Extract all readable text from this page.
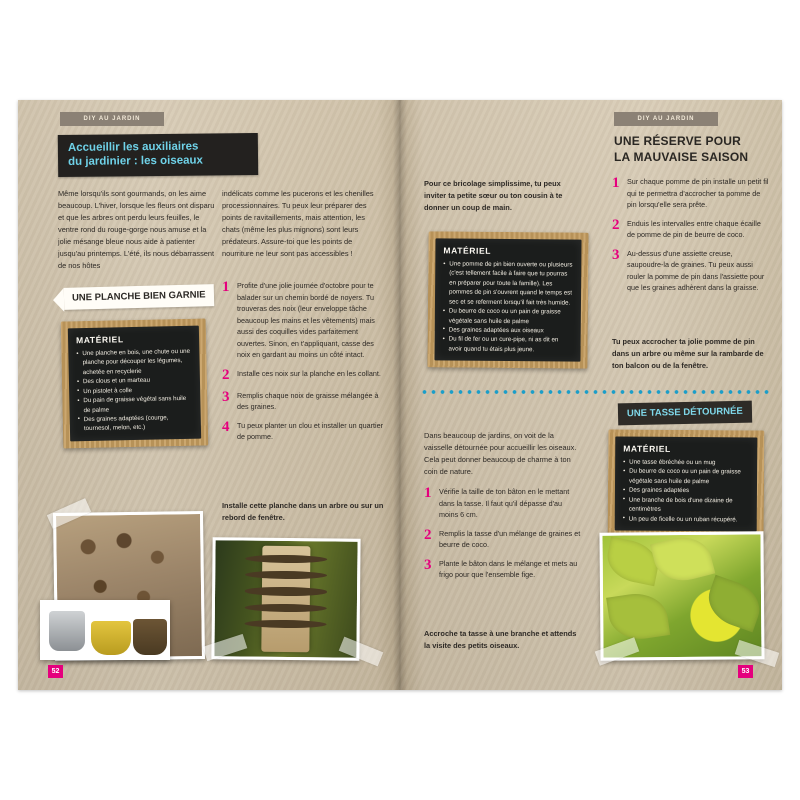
DIY AU JARDIN
Accueillir les auxiliaires
du jardinier : les oiseaux
Même lorsqu'ils sont gourmands, on les aime beaucoup. L'hiver, lorsque les fleurs ont disparu et que les arbres ont perdu leurs feuilles, le ventre rond du rouge-gorge nous amuse et la jolie mésange bleue nous aide à patienter jusqu'au printemps. L'été, ils nous débarrassent de nos hôtes
indélicats comme les pucerons et les chenilles processionnaires. Tu peux leur préparer des points de ravitaillements, mais attention, les chats (même les plus mignons) sont leurs prédateurs. Assure-toi que les points de nourriture ne leur sont pas accessibles !
UNE PLANCHE BIEN GARNIE
MATÉRIEL
• Une planche en bois, une chute ou une planche pour découper les légumes, achetée en recyclerie
• Des clous et un marteau
• Un pistolet à colle
• Du pain de graisse végétal sans huile de palme
• Des graines adaptées (courge, tournesol, melon, etc.)
1	Profite d'une jolie journée d'octobre pour te balader sur un chemin bordé de noyers. Tu trouveras des noix (leur enveloppe tâche beaucoup les mains et les vêtements) mais aussi des coquilles vides parfaitement ouvertes. Sinon, en t'appliquant, casse des noix en gardant au moins un côté intact.
2	Installe ces noix sur la planche en les collant.
3	Remplis chaque noix de graisse mélangée à des graines.
4	Tu peux planter un clou et installer un quartier de pomme.
Installe cette planche dans un arbre ou sur un rebord de fenêtre.
52
DIY AU JARDIN
Pour ce bricolage simplissime, tu peux inviter ta petite sœur ou ton cousin à te donner un coup de main.
MATÉRIEL
• Une pomme de pin bien ouverte ou plusieurs (c'est tellement facile à faire que tu pourras en préparer pour toute la famille). Les pommes de pin s'ouvrent quand le temps est sec et se referment lorsqu'il fait très humide.
• Du beurre de coco ou un pain de graisse végétale sans huile de palme
• Des graines adaptées aux oiseaux
• Du fil de fer ou un cure-pipe, ni as dit en avoir quand tu étais plus jeune.
UNE RÉSERVE POUR
LA MAUVAISE SAISON
1	Sur chaque pomme de pin installe un petit fil qui te permettra d'accrocher ta pomme de pin lorsqu'elle sera prête.
2	Enduis les intervalles entre chaque écaille de pomme de pin de beurre de coco.
3	Au-dessus d'une assiette creuse, saupoudre-la de graines. Tu peux aussi rouler la pomme de pin dans l'assiette pour que les graines adhèrent dans la graisse.
Tu peux accrocher ta jolie pomme de pin dans un arbre ou même sur la rambarde de ton balcon ou de la fenêtre.
UNE TASSE DÉTOURNÉE
Dans beaucoup de jardins, on voit de la vaisselle détournée pour accueillir les oiseaux. Cela peut donner beaucoup de charme à ton coin de nature.
MATÉRIEL
• Une tasse ébréchée ou un mug
• Du beurre de coco ou un pain de graisse végétale sans huile de palme
• Des graines adaptées
• Une branche de bois d'une dizaine de centimètres
• Un peu de ficelle ou un ruban récupéré.
1	Vérifie la taille de ton bâton en le mettant dans la tasse. Il faut qu'il dépasse d'au moins 6 cm.
2	Remplis la tasse d'un mélange de graines et beurre de coco.
3	Plante le bâton dans le mélange et mets au frigo pour que l'ensemble fige.
Accroche ta tasse à une branche et attends la visite des petits oiseaux.
53
